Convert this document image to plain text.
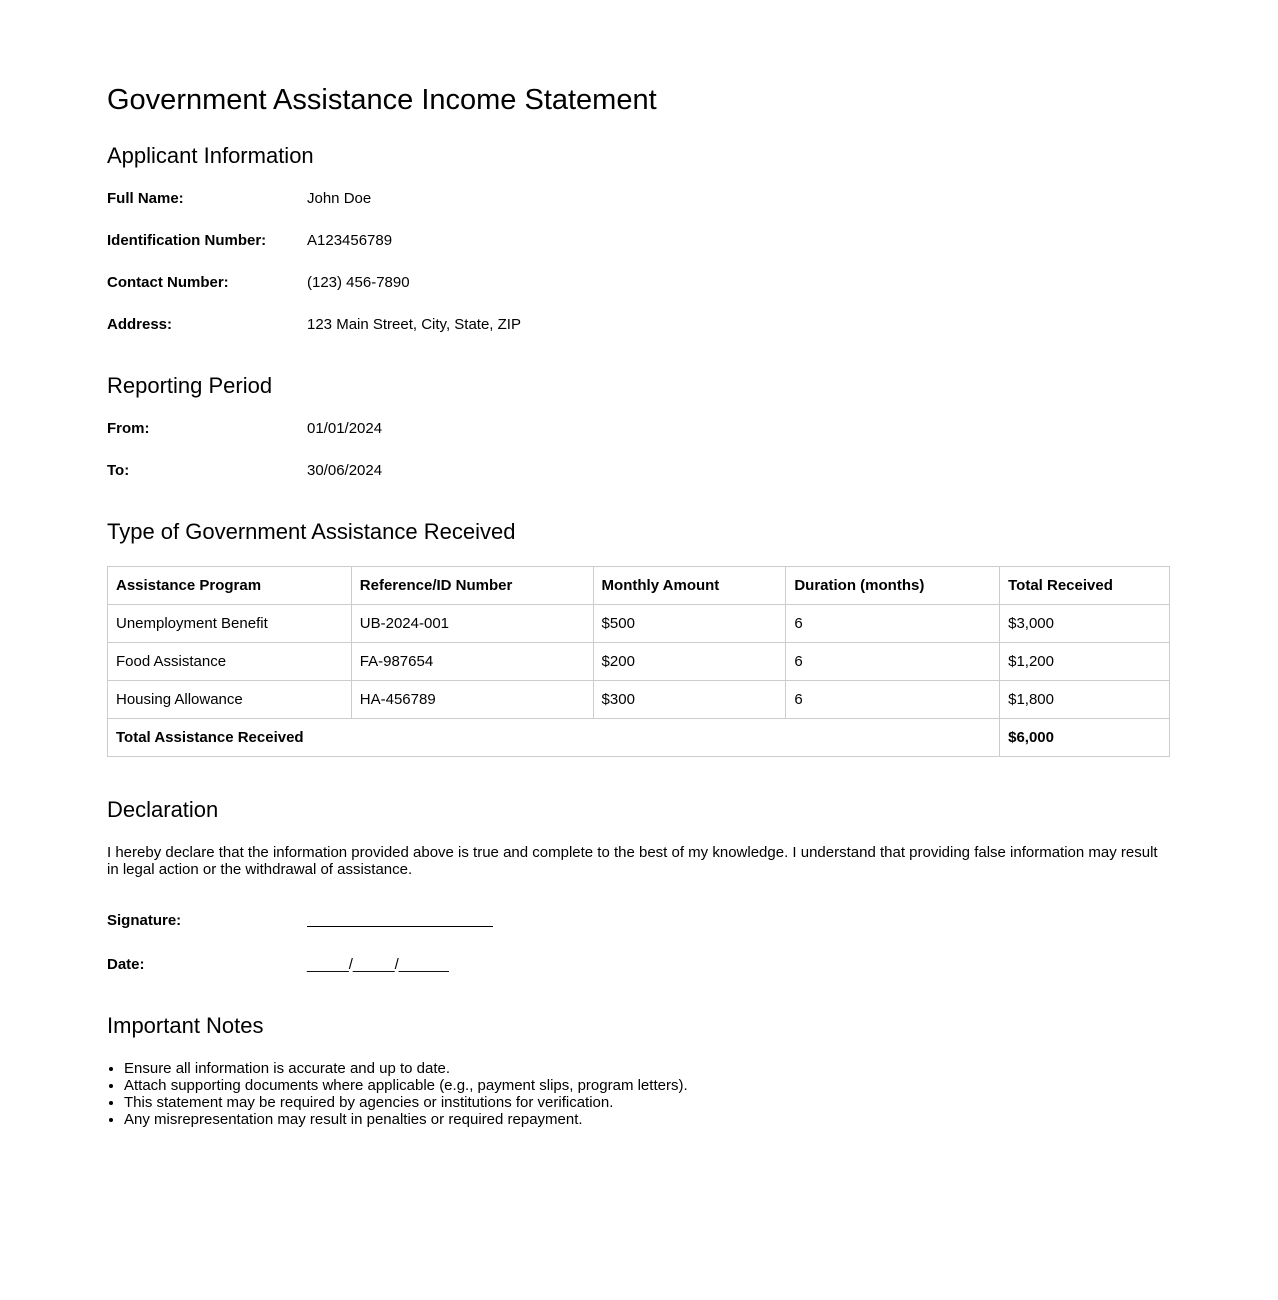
Government Assistance Income Statement
Applicant Information
Full Name:	John Doe
Identification Number:	A123456789
Contact Number:	(123) 456-7890
Address:	123 Main Street, City, State, ZIP
Reporting Period
From:	01/01/2024
To:	30/06/2024
Type of Government Assistance Received
Assistance Program	Reference/ID Number	Monthly Amount	Duration (months)	Total Received
Unemployment Benefit	UB-2024-001	$500	6	$3,000
Food Assistance	FA-987654	$200	6	$1,200
Housing Allowance	HA-456789	$300	6	$1,800
Total Assistance Received				$6,000
Declaration

I hereby declare that the information provided above is true and complete to the best of my knowledge. I understand that providing false information may result in legal action or the withdrawal of assistance.

Signature:
Date:	_____/_____/______
Important Notes
• Ensure all information is accurate and up to date.
• Attach supporting documents where applicable (e.g., payment slips, program letters).
• This statement may be required by agencies or institutions for verification.
• Any misrepresentation may result in penalties or required repayment.
